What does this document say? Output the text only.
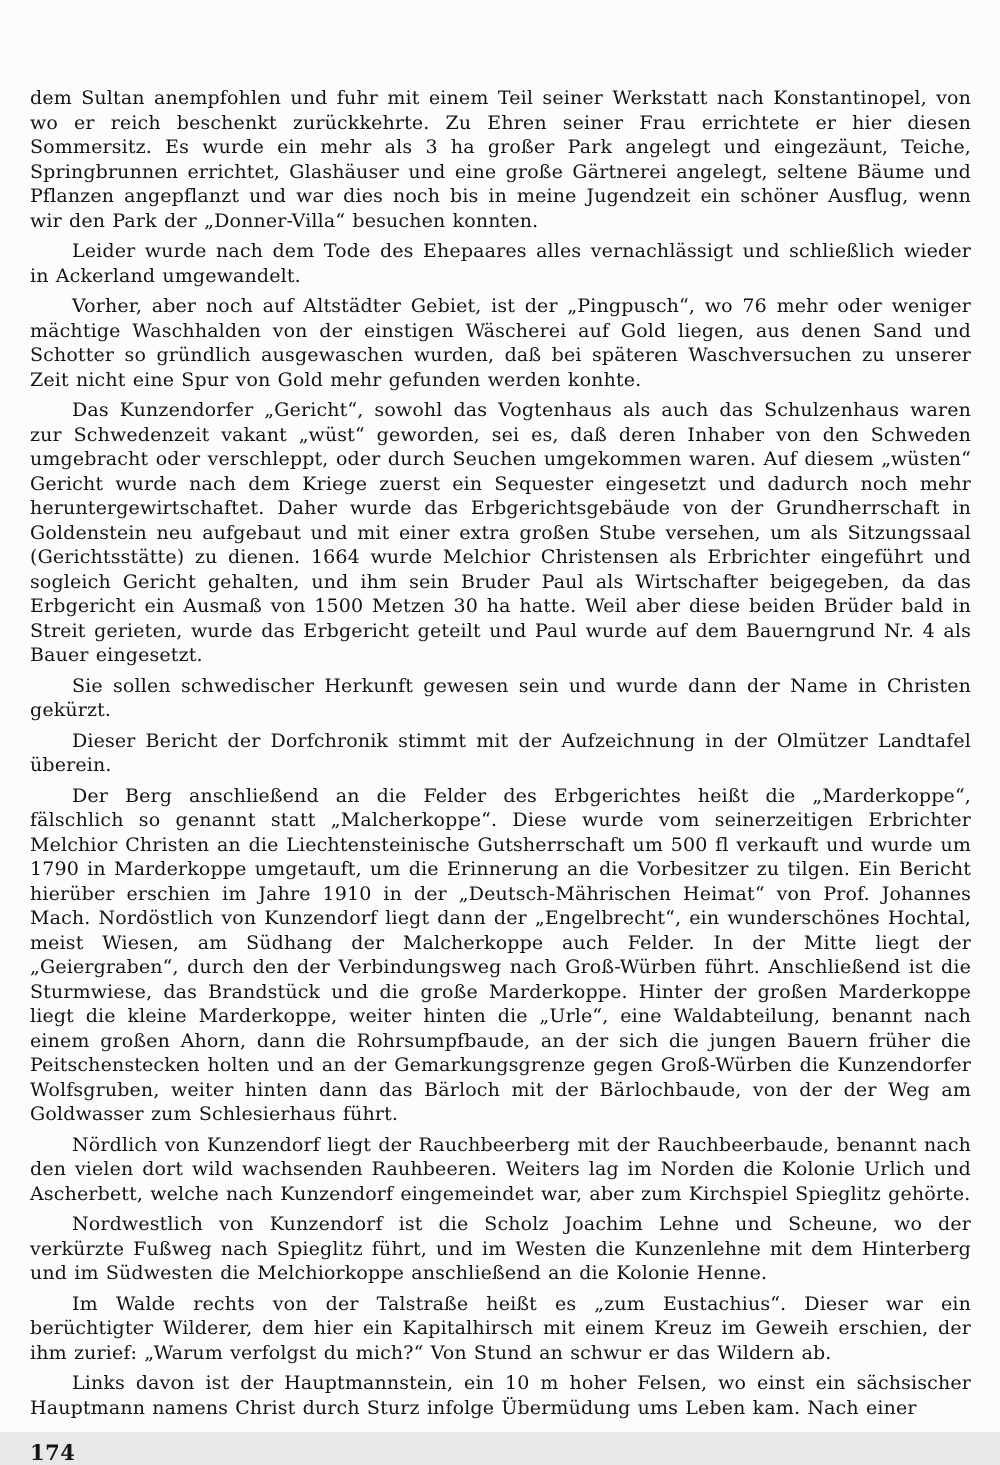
dem Sultan anempfohlen und fuhr mit einem Teil seiner Werkstatt nach Konstantinopel, von wo er reich beschenkt zurückkehrte. Zu Ehren seiner Frau errichtete er hier diesen Sommersitz. Es wurde ein mehr als 3 ha großer Park angelegt und eingezäunt, Teiche, Springbrunnen errichtet, Glashäuser und eine große Gärtnerei angelegt, seltene Bäume und Pflanzen angepflanzt und war dies noch bis in meine Jugendzeit ein schöner Ausflug, wenn wir den Park der „Donner-Villa“ besuchen konnten.

Leider wurde nach dem Tode des Ehepaares alles vernachlässigt und schließlich wieder in Ackerland umgewandelt.

Vorher, aber noch auf Altstädter Gebiet, ist der „Pingpusch“, wo 76 mehr oder weniger mächtige Waschhalden von der einstigen Wäscherei auf Gold liegen, aus denen Sand und Schotter so gründlich ausgewaschen wurden, daß bei späteren Waschversuchen zu unserer Zeit nicht eine Spur von Gold mehr gefunden werden konhte.

Das Kunzendorfer „Gericht“, sowohl das Vogtenhaus als auch das Schulzenhaus waren zur Schwedenzeit vakant „wüst“ geworden, sei es, daß deren Inhaber von den Schweden umgebracht oder verschleppt, oder durch Seuchen umgekommen waren. Auf diesem „wüsten“ Gericht wurde nach dem Kriege zuerst ein Sequester eingesetzt und dadurch noch mehr heruntergewirtschaftet. Daher wurde das Erbgerichtsgebäude von der Grundherrschaft in Goldenstein neu aufgebaut und mit einer extra großen Stube versehen, um als Sitzungssaal (Gerichtsstätte) zu dienen. 1664 wurde Melchior Christensen als Erbrichter eingeführt und sogleich Gericht gehalten, und ihm sein Bruder Paul als Wirtschafter beigegeben, da das Erbgericht ein Ausmaß von 1500 Metzen 30 ha hatte. Weil aber diese beiden Brüder bald in Streit gerieten, wurde das Erbgericht geteilt und Paul wurde auf dem Bauerngrund Nr. 4 als Bauer eingesetzt.

Sie sollen schwedischer Herkunft gewesen sein und wurde dann der Name in Christen gekürzt.

Dieser Bericht der Dorfchronik stimmt mit der Aufzeichnung in der Olmützer Landtafel überein.

Der Berg anschließend an die Felder des Erbgerichtes heißt die „Marderkoppe“, fälschlich so genannt statt „Malcherkoppe“. Diese wurde vom seinerzeitigen Erbrichter Melchior Christen an die Liechtensteinische Gutsherrschaft um 500 fl verkauft und wurde um 1790 in Marderkoppe umgetauft, um die Erinnerung an die Vorbesitzer zu tilgen. Ein Bericht hierüber erschien im Jahre 1910 in der „Deutsch-Mährischen Heimat“ von Prof. Johannes Mach. Nordöstlich von Kunzendorf liegt dann der „Engelbrecht“, ein wunderschönes Hochtal, meist Wiesen, am Südhang der Malcherkoppe auch Felder. In der Mitte liegt der „Geiergraben“, durch den der Verbindungsweg nach Groß-Würben führt. Anschließend ist die Sturmwiese, das Brandstück und die große Marderkoppe. Hinter der großen Marderkoppe liegt die kleine Marderkoppe, weiter hinten die „Urle“, eine Waldabteilung, benannt nach einem großen Ahorn, dann die Rohrsumpfbaude, an der sich die jungen Bauern früher die Peitschenstecken holten und an der Gemarkungsgrenze gegen Groß-Würben die Kunzendorfer Wolfsgruben, weiter hinten dann das Bärloch mit der Bärlochbaude, von der der Weg am Goldwasser zum Schlesierhaus führt.

Nördlich von Kunzendorf liegt der Rauchbeerberg mit der Rauchbeerbaude, benannt nach den vielen dort wild wachsenden Rauhbeeren. Weiters lag im Norden die Kolonie Urlich und Ascherbett, welche nach Kunzendorf eingemeindet war, aber zum Kirchspiel Spieglitz gehörte.

Nordwestlich von Kunzendorf ist die Scholz Joachim Lehne und Scheune, wo der verkürzte Fußweg nach Spieglitz führt, und im Westen die Kunzenlehne mit dem Hinterberg und im Südwesten die Melchiorkoppe anschließend an die Kolonie Henne.

Im Walde rechts von der Talstraße heißt es „zum Eustachius“. Dieser war ein berüchtigter Wilderer, dem hier ein Kapitalhirsch mit einem Kreuz im Geweih erschien, der ihm zurief: „Warum verfolgst du mich?“ Von Stund an schwur er das Wildern ab.

Links davon ist der Hauptmannstein, ein 10 m hoher Felsen, wo einst ein sächsischer Hauptmann namens Christ durch Sturz infolge Übermüdung ums Leben kam. Nach einer

174
